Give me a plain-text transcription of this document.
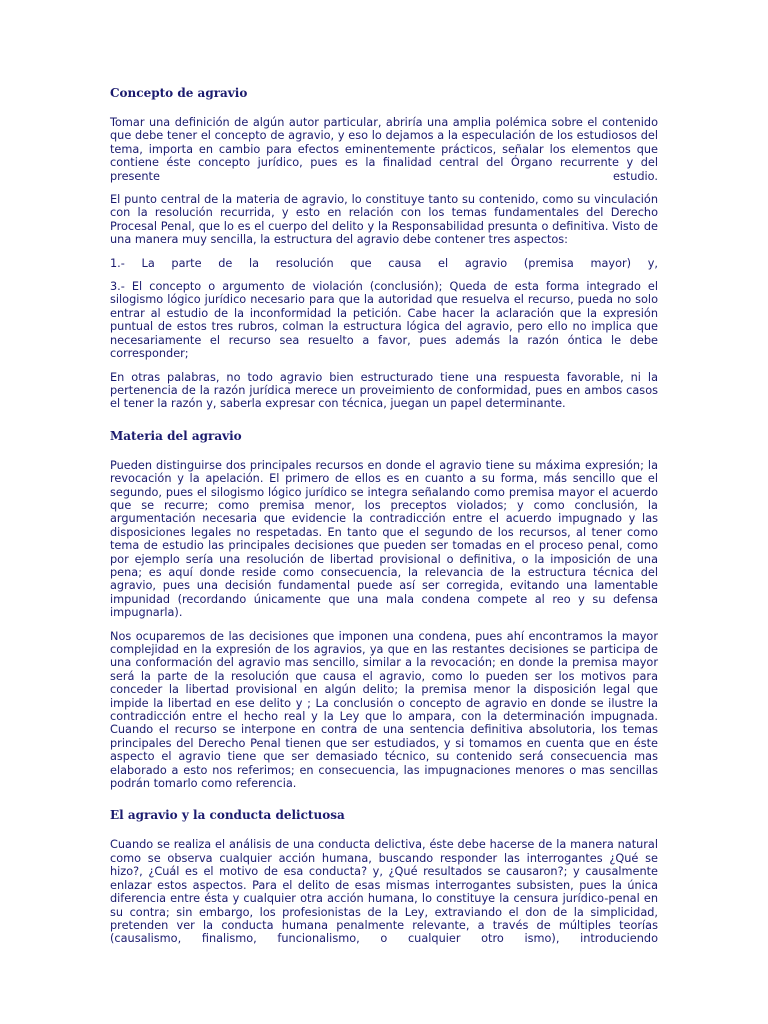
Concepto de agravio

Tomar una definición de algún autor particular, abriría una amplia polémica sobre el contenido que debe tener el concepto de agravio, y eso lo dejamos a la especulación de los estudiosos del tema, importa en cambio para efectos eminentemente prácticos, señalar los elementos que contiene éste concepto jurídico, pues es la finalidad central del Órgano recurrente y del presente estudio.

El punto central de la materia de agravio, lo constituye tanto su contenido, como su vinculación con la resolución recurrida, y esto en relación con los temas fundamentales del Derecho Procesal Penal, que lo es el cuerpo del delito y la Responsabilidad presunta o definitiva. Visto de una manera muy sencilla, la estructura del agravio debe contener tres aspectos:

1.- La parte de la resolución que causa el agravio (premisa mayor) y,

3.- El concepto o argumento de violación (conclusión); Queda de esta forma integrado el silogismo lógico jurídico necesario para que la autoridad que resuelva el recurso, pueda no solo entrar al estudio de la inconformidad la petición. Cabe hacer la aclaración que la expresión puntual de estos tres rubros, colman la estructura lógica del agravio, pero ello no implica que necesariamente el recurso sea resuelto a favor, pues además la razón óntica le debe corresponder;

En otras palabras, no todo agravio bien estructurado tiene una respuesta favorable, ni la pertenencia de la razón jurídica merece un proveimiento de conformidad, pues en ambos casos el tener la razón y, saberla expresar con técnica, juegan un papel determinante.

Materia del agravio

Pueden distinguirse dos principales recursos en donde el agravio tiene su máxima expresión; la revocación y la apelación. El primero de ellos es en cuanto a su forma, más sencillo que el segundo, pues el silogismo lógico jurídico se integra señalando como premisa mayor el acuerdo que se recurre; como premisa menor, los preceptos violados; y como conclusión, la argumentación necesaria que evidencie la contradicción entre el acuerdo impugnado y las disposiciones legales no respetadas. En tanto que el segundo de los recursos, al tener como tema de estudio las principales decisiones que pueden ser tomadas en el proceso penal, como por ejemplo sería una resolución de libertad provisional o definitiva, o la imposición de una pena; es aquí donde reside como consecuencia, la relevancia de la estructura técnica del agravio, pues una decisión fundamental puede así ser corregida, evitando una lamentable impunidad (recordando únicamente que una mala condena compete al reo y su defensa impugnarla).

Nos ocuparemos de las decisiones que imponen una condena, pues ahí encontramos la mayor complejidad en la expresión de los agravios, ya que en las restantes decisiones se participa de una conformación del agravio mas sencillo, similar a la revocación; en donde la premisa mayor será la parte de la resolución que causa el agravio, como lo pueden ser los motivos para conceder la libertad provisional en algún delito; la premisa menor la disposición legal que impide la libertad en ese delito y ; La conclusión o concepto de agravio en donde se ilustre la contradicción entre el hecho real y la Ley que lo ampara, con la determinación impugnada. Cuando el recurso se interpone en contra de una sentencia definitiva absolutoria, los temas principales del Derecho Penal tienen que ser estudiados, y si tomamos en cuenta que en éste aspecto el agravio tiene que ser demasiado técnico, su contenido será consecuencia mas elaborado a esto nos referimos; en consecuencia, las impugnaciones menores o mas sencillas podrán tomarlo como referencia.

El agravio y la conducta delictuosa

Cuando se realiza el análisis de una conducta delictiva, éste debe hacerse de la manera natural como se observa cualquier acción humana, buscando responder las interrogantes ¿Qué se hizo?, ¿Cuál es el motivo de esa conducta? y, ¿Qué resultados se causaron?; y causalmente enlazar estos aspectos. Para el delito de esas mismas interrogantes subsisten, pues la única diferencia entre ésta y cualquier otra acción humana, lo constituye la censura jurídico-penal en su contra; sin embargo, los profesionistas de la Ley, extraviando el don de la simplicidad, pretenden ver la conducta humana penalmente relevante, a través de múltiples teorías (causalismo, finalismo, funcionalismo, o cualquier otro ismo), introduciendo
